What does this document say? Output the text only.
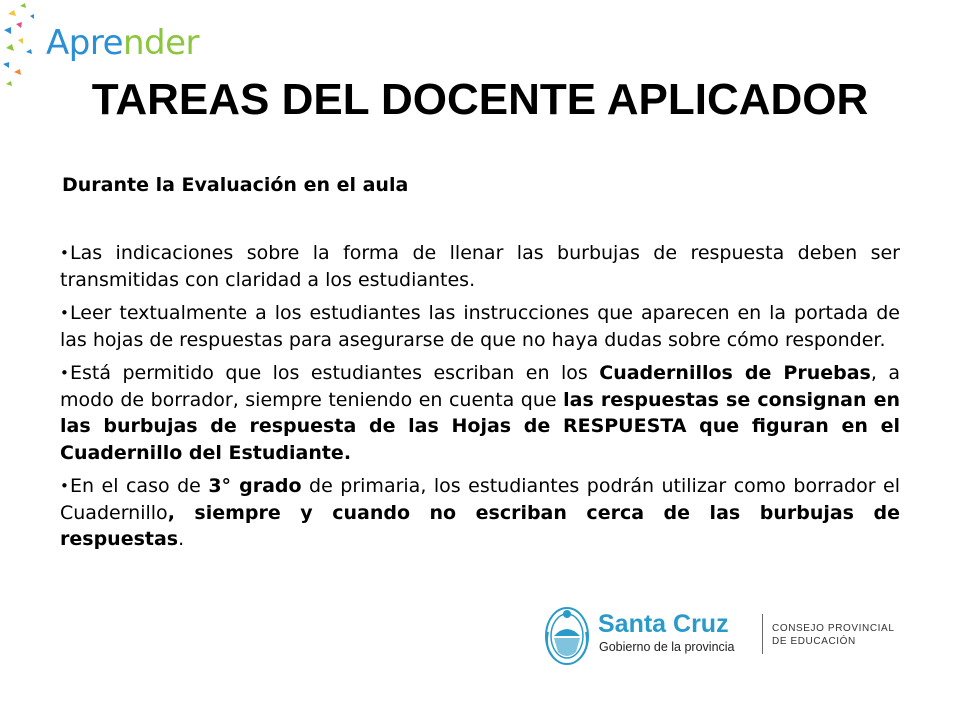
Aprender
TAREAS DEL DOCENTE APLICADOR
Durante la Evaluación en el aula
•Las indicaciones sobre la forma de llenar las burbujas de respuesta deben ser transmitidas con claridad a los estudiantes.
•Leer textualmente a los estudiantes las instrucciones que aparecen en la portada de las hojas de respuestas para asegurarse de que no haya dudas sobre cómo responder.
•Está permitido que los estudiantes escriban en los Cuadernillos de Pruebas, a modo de borrador, siempre teniendo en cuenta que las respuestas se consignan en las burbujas de respuesta de las Hojas de RESPUESTA que figuran en el Cuadernillo del Estudiante.
•En el caso de 3° grado de primaria, los estudiantes podrán utilizar como borrador el Cuadernillo, siempre y cuando no escriban cerca de las burbujas de respuestas.
Santa Cruz
Gobierno de la provincia
CONSEJO PROVINCIAL
DE EDUCACIÓN
